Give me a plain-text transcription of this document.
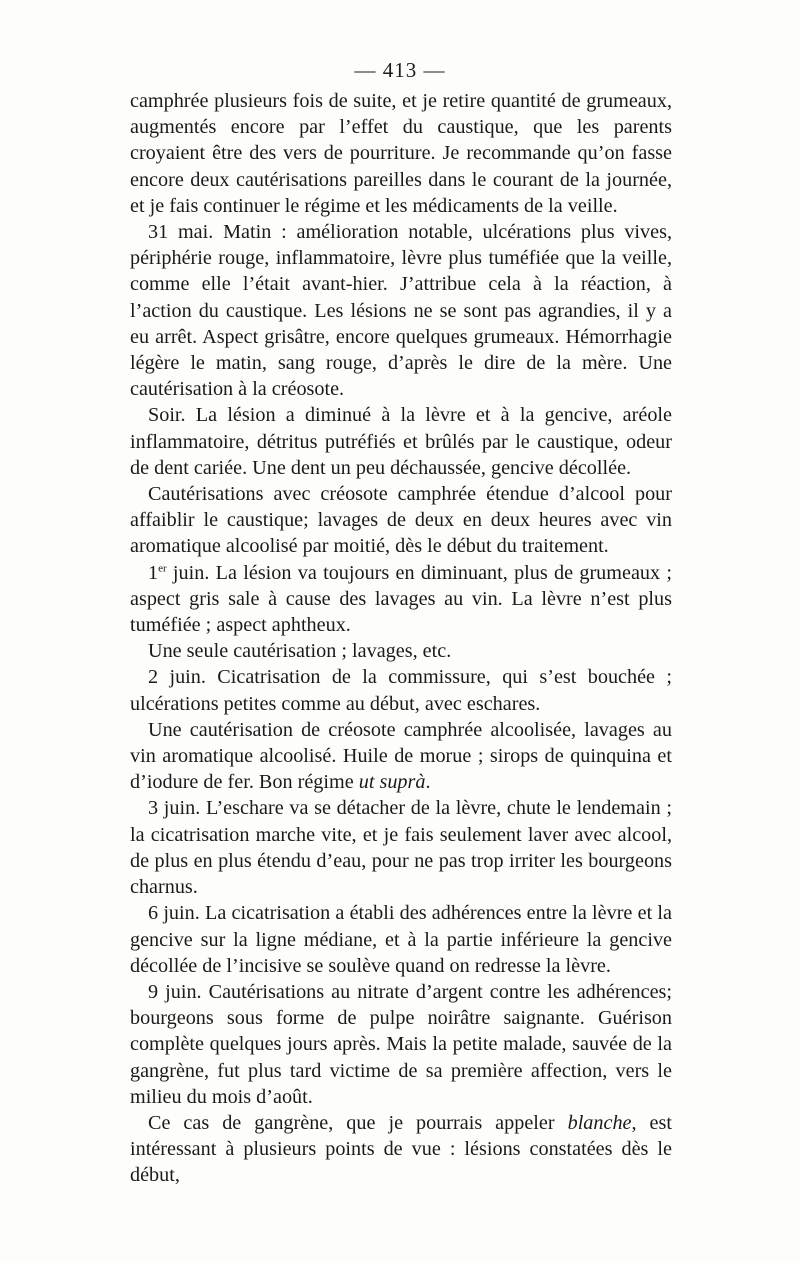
— 413 —

camphrée plusieurs fois de suite, et je retire quantité de grumeaux, augmentés encore par l’effet du caustique, que les parents croyaient être des vers de pourriture. Je recommande qu’on fasse encore deux cautérisations pareilles dans le courant de la journée, et je fais continuer le régime et les médicaments de la veille.

31 mai. Matin : amélioration notable, ulcérations plus vives, périphérie rouge, inflammatoire, lèvre plus tuméfiée que la veille, comme elle l’était avant-hier. J’attribue cela à la réaction, à l’action du caustique. Les lésions ne se sont pas agrandies, il y a eu arrêt. Aspect grisâtre, encore quelques grumeaux. Hémorrhagie légère le matin, sang rouge, d’après le dire de la mère. Une cautérisation à la créosote.

Soir. La lésion a diminué à la lèvre et à la gencive, aréole inflammatoire, détritus putréfiés et brûlés par le caustique, odeur de dent cariée. Une dent un peu déchaussée, gencive décollée.

Cautérisations avec créosote camphrée étendue d’alcool pour affaiblir le caustique; lavages de deux en deux heures avec vin aromatique alcoolisé par moitié, dès le début du traitement.

1er juin. La lésion va toujours en diminuant, plus de grumeaux ; aspect gris sale à cause des lavages au vin. La lèvre n’est plus tuméfiée ; aspect aphtheux.

Une seule cautérisation ; lavages, etc.

2 juin. Cicatrisation de la commissure, qui s’est bouchée ; ulcérations petites comme au début, avec eschares.

Une cautérisation de créosote camphrée alcoolisée, lavages au vin aromatique alcoolisé. Huile de morue ; sirops de quinquina et d’iodure de fer. Bon régime ut suprà.

3 juin. L’eschare va se détacher de la lèvre, chute le lendemain ; la cicatrisation marche vite, et je fais seulement laver avec alcool, de plus en plus étendu d’eau, pour ne pas trop irriter les bourgeons charnus.

6 juin. La cicatrisation a établi des adhérences entre la lèvre et la gencive sur la ligne médiane, et à la partie inférieure la gencive décollée de l’incisive se soulève quand on redresse la lèvre.

9 juin. Cautérisations au nitrate d’argent contre les adhérences; bourgeons sous forme de pulpe noirâtre saignante. Guérison complète quelques jours après. Mais la petite malade, sauvée de la gangrène, fut plus tard victime de sa première affection, vers le milieu du mois d’août.

Ce cas de gangrène, que je pourrais appeler blanche, est intéressant à plusieurs points de vue : lésions constatées dès le début,
